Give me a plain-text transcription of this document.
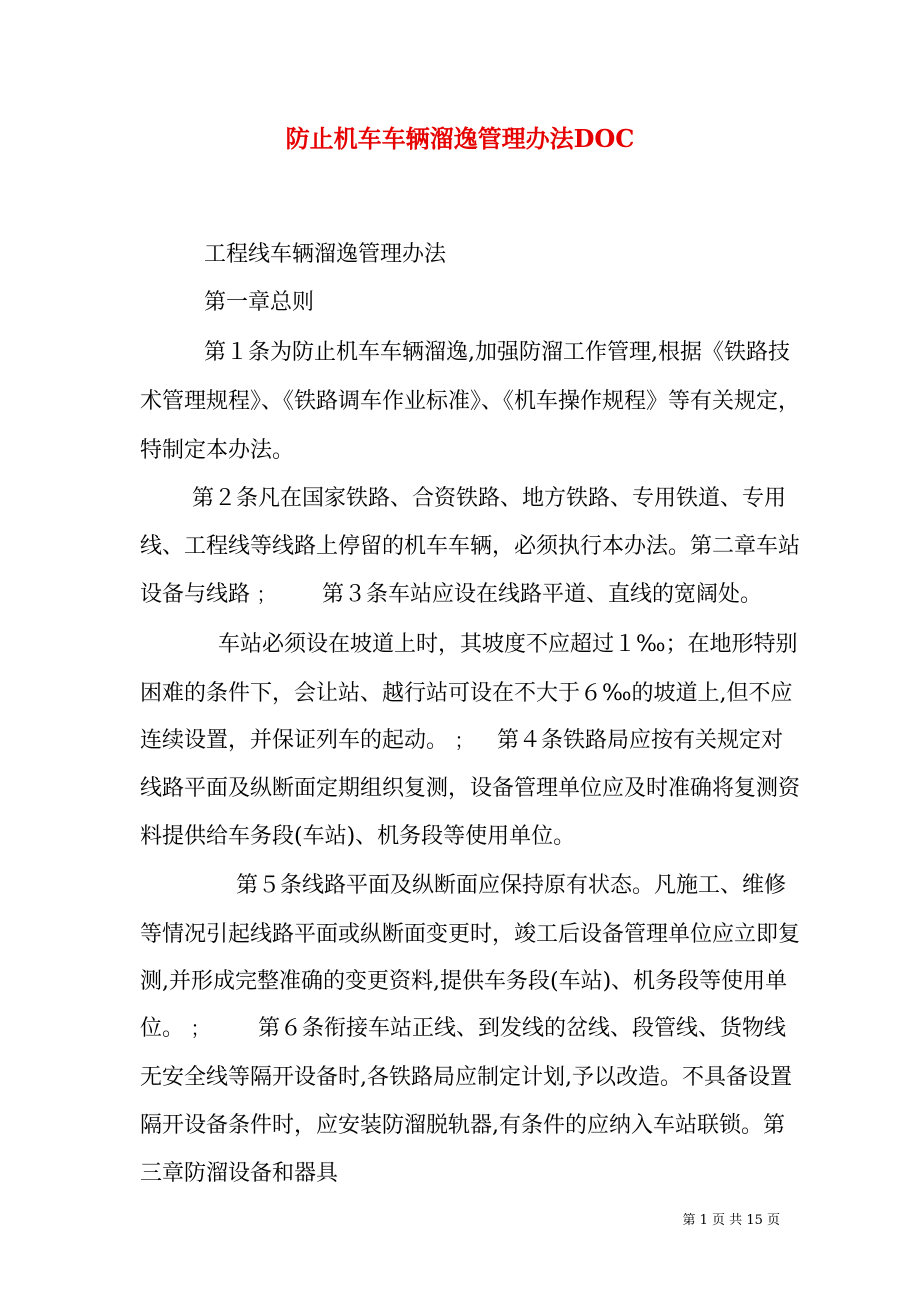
防止机车车辆溜逸管理办法DOC
工程线车辆溜逸管理办法
第一章总则
第１条为防止机车车辆溜逸,加强防溜工作管理,根据《铁路技
术管理规程》、《铁路调车作业标准》、《机车操作规程》等有关规定，
特制定本办法。
第２条凡在国家铁路、合资铁路、地方铁路、专用铁道、专用
线、工程线等线路上停留的机车车辆，必须执行本办法。第二章车站
设备与线路﹔ 第３条车站应设在线路平道、直线的宽阔处。
车站必须设在坡道上时，其坡度不应超过１‰；在地形特别
困难的条件下，会让站、越行站可设在不大于６‰的坡道上,但不应
连续设置，并保证列车的起动。﹔ 第４条铁路局应按有关规定对
线路平面及纵断面定期组织复测，设备管理单位应及时准确将复测资
料提供给车务段(车站)、机务段等使用单位。
第５条线路平面及纵断面应保持原有状态。凡施工、维修
等情况引起线路平面或纵断面变更时，竣工后设备管理单位应立即复
测,并形成完整准确的变更资料,提供车务段(车站)、机务段等使用单
位。﹔ 第６条衔接车站正线、到发线的岔线、段管线、货物线
无安全线等隔开设备时,各铁路局应制定计划,予以改造。不具备设置
隔开设备条件时，应安装防溜脱轨器,有条件的应纳入车站联锁。第
三章防溜设备和器具
第 1 页 共 15 页
